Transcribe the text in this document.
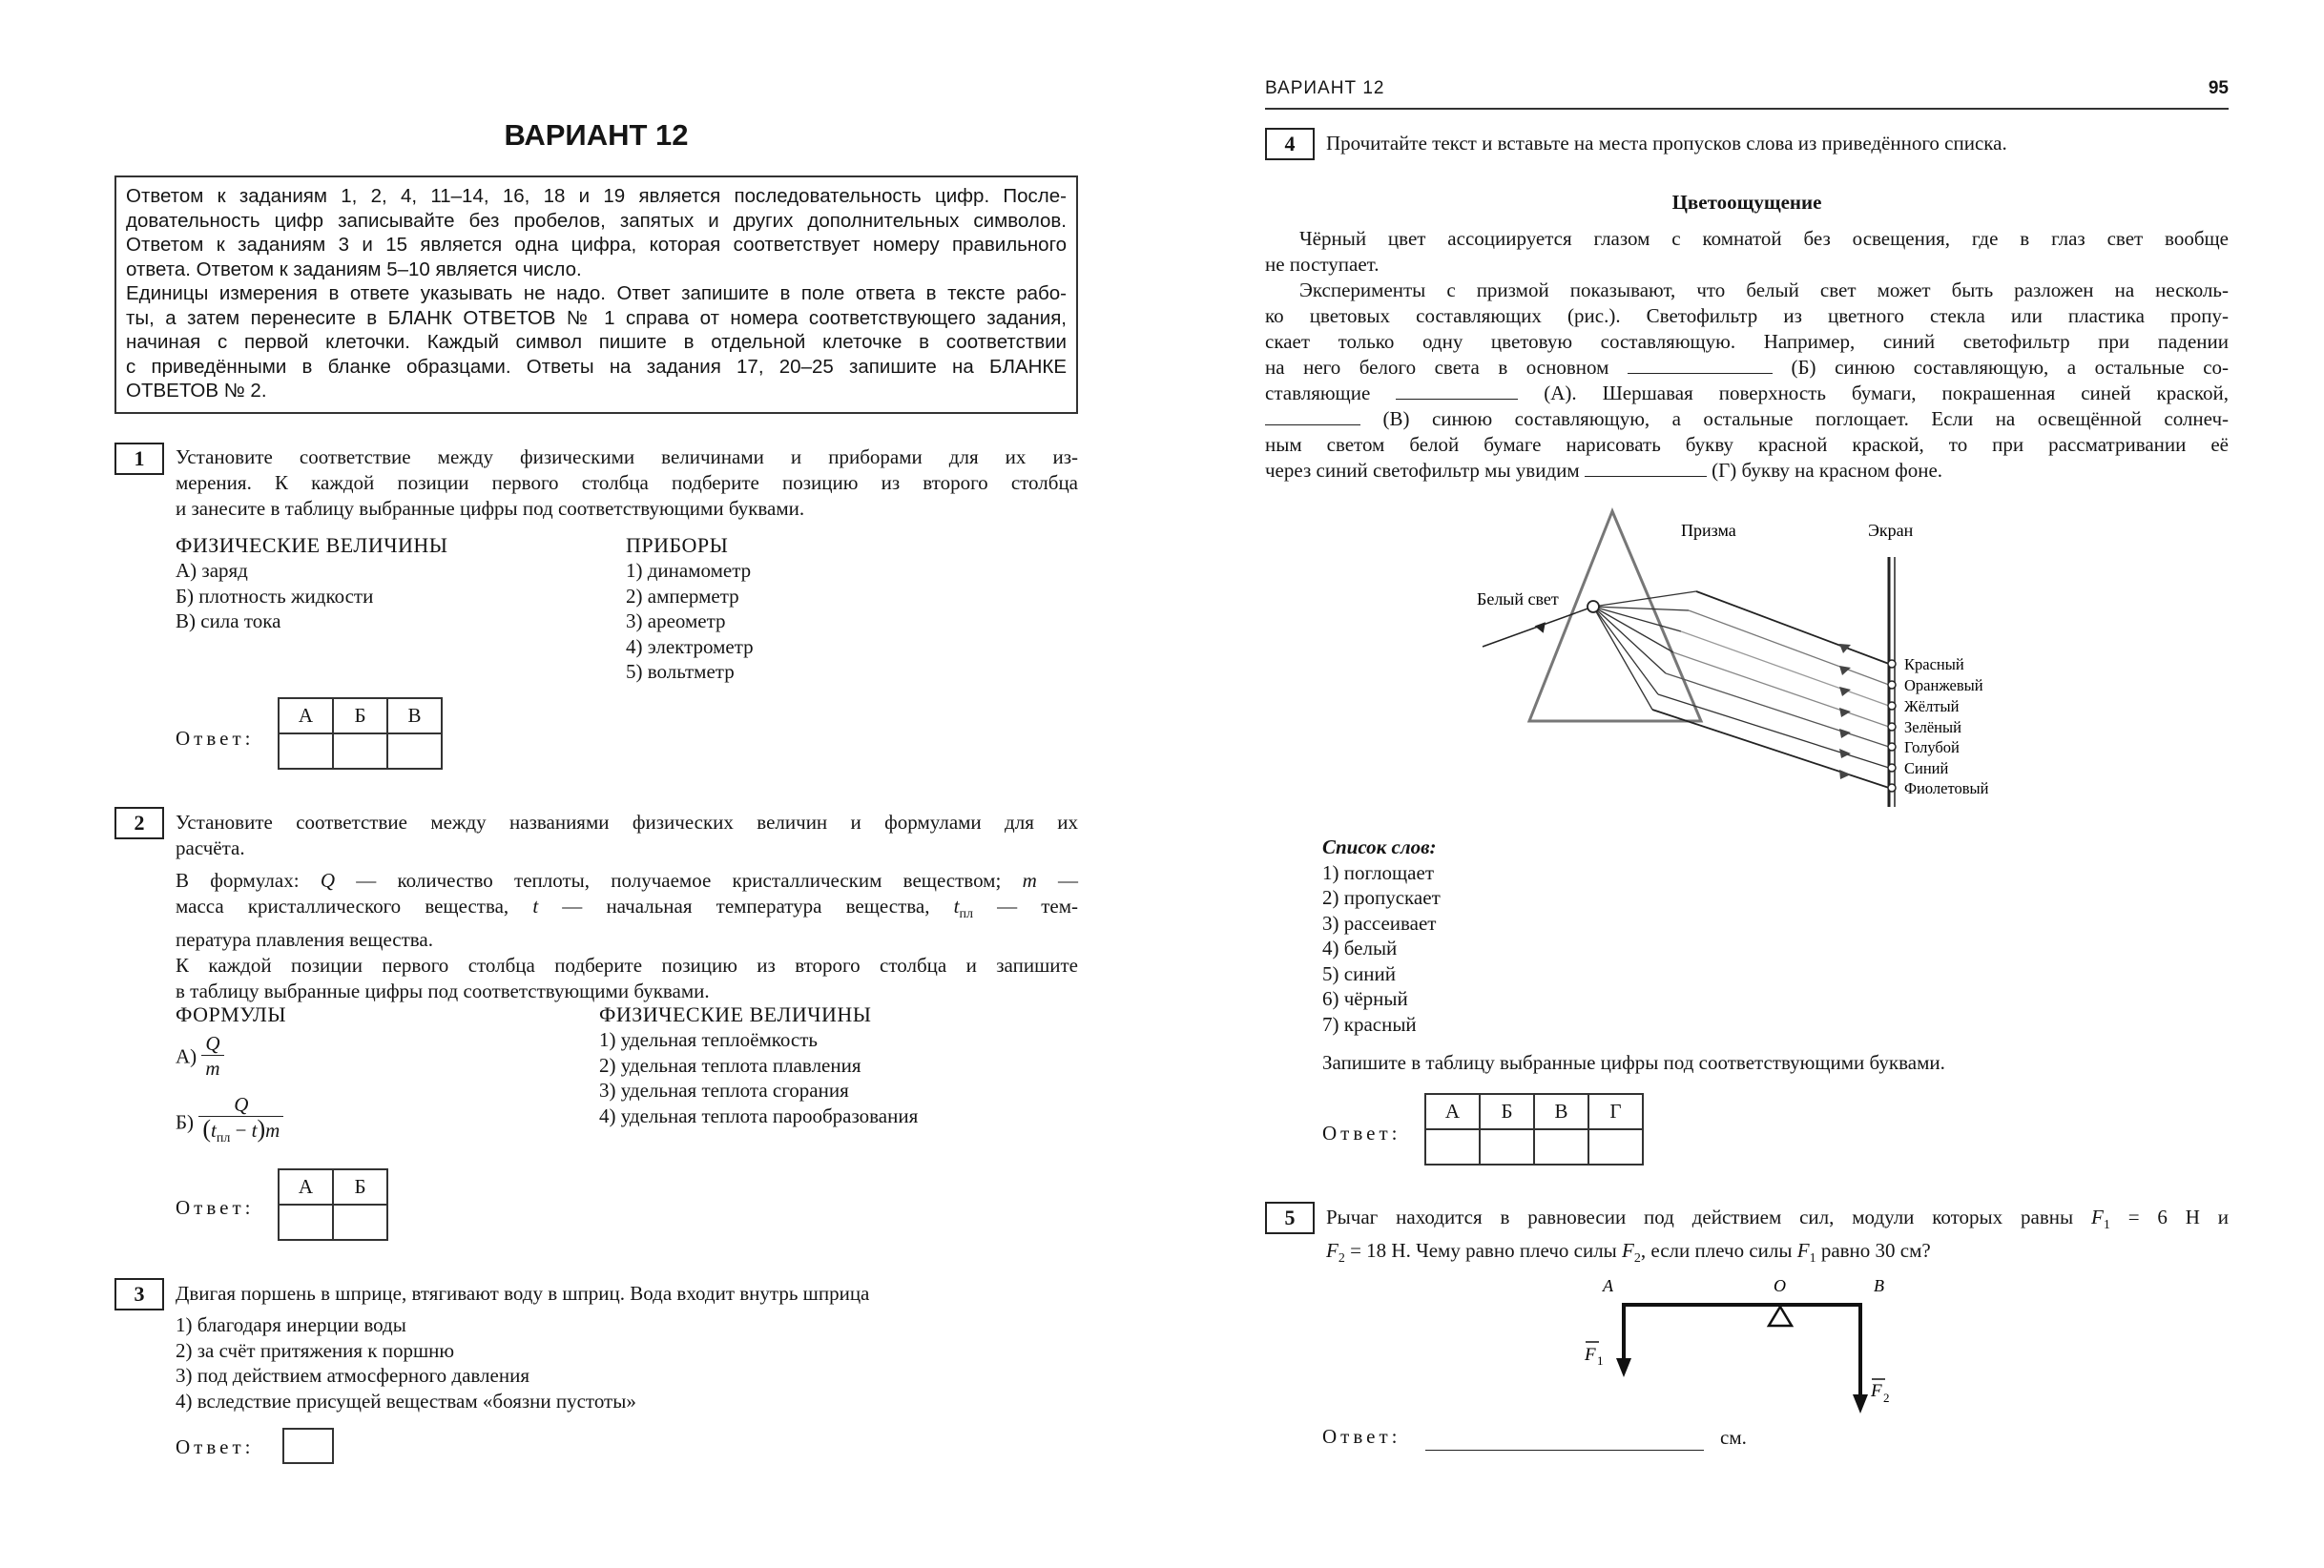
ВАРИАНТ 12
Ответом к заданиям 1, 2, 4, 11–14, 16, 18 и 19 является последовательность цифр. После-
довательность цифр записывайте без пробелов, запятых и других дополнительных символов.
Ответом к заданиям 3 и 15 является одна цифра, которая соответствует номеру правильного
ответа. Ответом к заданиям 5–10 является число.
Единицы измерения в ответе указывать не надо. Ответ запишите в поле ответа в тексте рабо-
ты, а затем перенесите в БЛАНК ОТВЕТОВ № 1 справа от номера соответствующего задания,
начиная с первой клеточки. Каждый символ пишите в отдельной клеточке в соответствии
с приведёнными в бланке образцами. Ответы на задания 17, 20–25 запишите на БЛАНКЕ
ОТВЕТОВ № 2.
1	Установите соответствие между физическими величинами и приборами для их из-
мерения. К каждой позиции первого столбца подберите позицию из второго столбца
и занесите в таблицу выбранные цифры под соответствующими буквами.
ФИЗИЧЕСКИЕ ВЕЛИЧИНЫ
А) заряд
Б) плотность жидкости
В) сила тока
ПРИБОРЫ
1) динамометр
2) амперметр
3) ареометр
4) электрометр
5) вольтметр
Ответ:
А	Б	В

2	Установите соответствие между названиями физических величин и формулами для их
расчёта.
В формулах: Q — количество теплоты, получаемое кристаллическим веществом; m —
масса кристаллического вещества, t — начальная температура вещества, $t_{пл}$ — тем-
пература плавления вещества.
К каждой позиции первого столбца подберите позицию из второго столбца и запишите
в таблицу выбранные цифры под соответствующими буквами.
ФОРМУЛЫ
$А) \frac{Q}{m}$
$Б) \frac{Q}{(t_{пл} - t)m}$
ФИЗИЧЕСКИЕ ВЕЛИЧИНЫ
1) удельная теплоёмкость
2) удельная теплота плавления
3) удельная теплота сгорания
4) удельная теплота парообразования
Ответ:
А	Б

3	Двигая поршень в шприце, втягивают воду в шприц. Вода входит внутрь шприца
1) благодаря инерции воды
2) за счёт притяжения к поршню
3) под действием атмосферного давления
4) вследствие присущей веществам «боязни пустоты»
Ответ:
ВАРИАНТ 12	95
4	Прочитайте текст и вставьте на места пропусков слова из приведённого списка.
Цветоощущение
Чёрный цвет ассоциируется глазом с комнатой без освещения, где в глаз свет вообще
не поступает.
Эксперименты с призмой показывают, что белый свет может быть разложен на несколь-
ко цветовых составляющих (рис.). Светофильтр из цветного стекла или пластика пропу-
скает только одну цветовую составляющую. Например, синий светофильтр при падении
на него белого света в основном	(Б) синюю составляющую, а остальные со-
ставляющие	(А). Шершавая поверхность бумаги, покрашенная синей краской,
(В) синюю составляющую, а остальные поглощает. Если на освещённой солнеч-
ным светом белой бумаге нарисовать букву красной краской, то при рассматривании её
через синий светофильтр мы увидим	(Г) букву на красном фоне.
Призма	Экран
Белый свет
Красный
Оранжевый
Жёлтый
Зелёный
Голубой
Синий
Фиолетовый
Список слов:
1) поглощает
2) пропускает
3) рассеивает
4) белый
5) синий
6) чёрный
7) красный
Запишите в таблицу выбранные цифры под соответствующими буквами.
Ответ:
А	Б	В	Г

5	Рычаг находится в равновесии под действием сил, модули которых равны $F_1 = 6$ Н и
$F_2 = 18$ Н. Чему равно плечо силы $F_2$, если плечо силы $F_1$ равно 30 см?
A	O	B
F 1
F 2
Ответ:	см.
